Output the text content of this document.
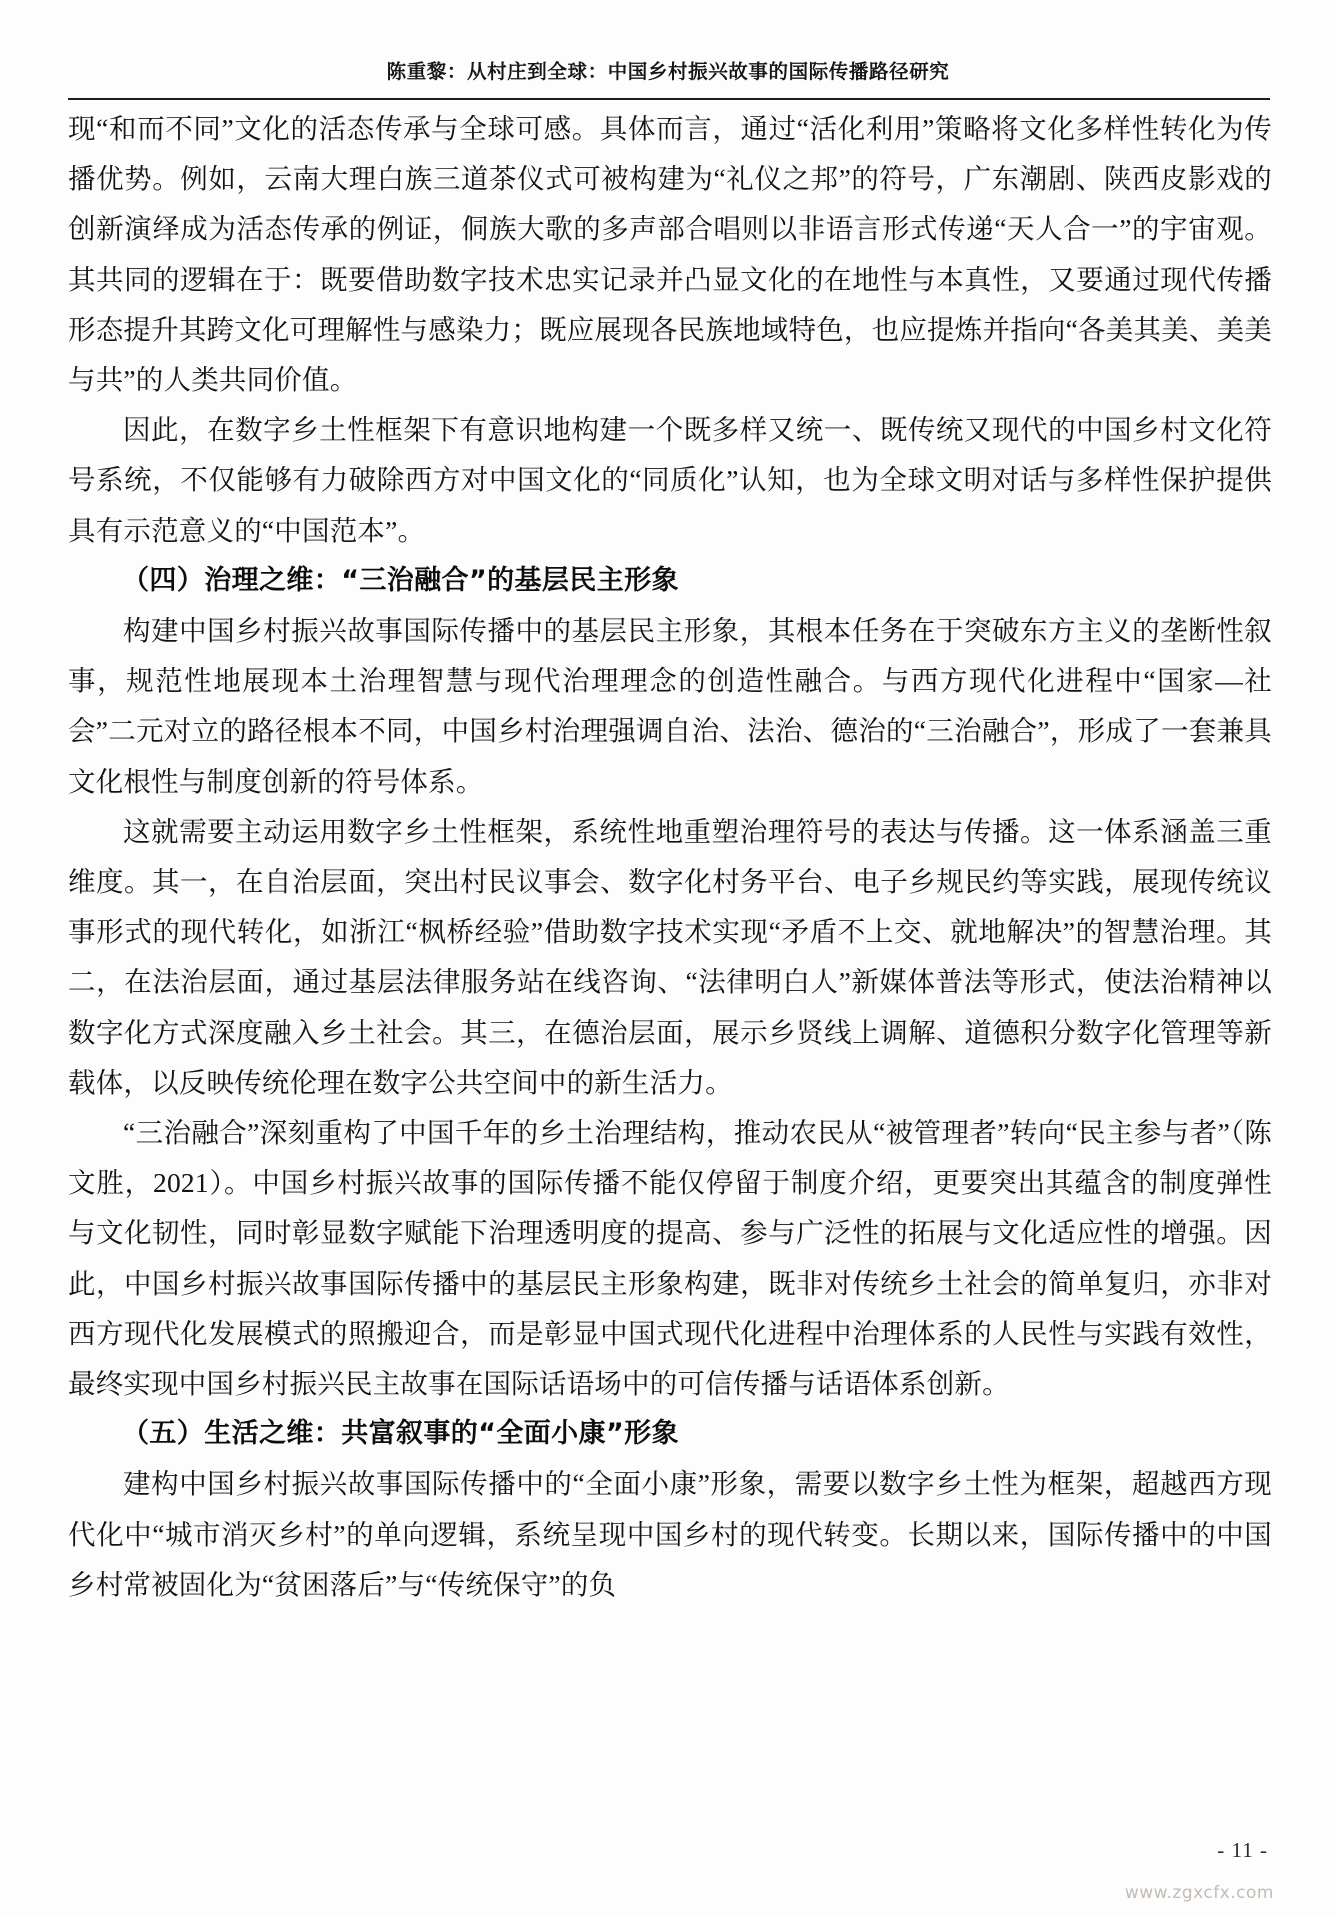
陈重黎：从村庄到全球：中国乡村振兴故事的国际传播路径研究

现“和而不同”文化的活态传承与全球可感。具体而言，通过“活化利用”策略将文化多样性转化为传播优势。例如，云南大理白族三道茶仪式可被构建为“礼仪之邦”的符号，广东潮剧、陕西皮影戏的创新演绎成为活态传承的例证，侗族大歌的多声部合唱则以非语言形式传递“天人合一”的宇宙观。其共同的逻辑在于：既要借助数字技术忠实记录并凸显文化的在地性与本真性，又要通过现代传播形态提升其跨文化可理解性与感染力；既应展现各民族地域特色，也应提炼并指向“各美其美、美美与共”的人类共同价值。

因此，在数字乡土性框架下有意识地构建一个既多样又统一、既传统又现代的中国乡村文化符号系统，不仅能够有力破除西方对中国文化的“同质化”认知，也为全球文明对话与多样性保护提供具有示范意义的“中国范本”。

（四）治理之维：“三治融合”的基层民主形象

构建中国乡村振兴故事国际传播中的基层民主形象，其根本任务在于突破东方主义的垄断性叙事，规范性地展现本土治理智慧与现代治理理念的创造性融合。与西方现代化进程中“国家—社会”二元对立的路径根本不同，中国乡村治理强调自治、法治、德治的“三治融合”，形成了一套兼具文化根性与制度创新的符号体系。

这就需要主动运用数字乡土性框架，系统性地重塑治理符号的表达与传播。这一体系涵盖三重维度。其一，在自治层面，突出村民议事会、数字化村务平台、电子乡规民约等实践，展现传统议事形式的现代转化，如浙江“枫桥经验”借助数字技术实现“矛盾不上交、就地解决”的智慧治理。其二，在法治层面，通过基层法律服务站在线咨询、“法律明白人”新媒体普法等形式，使法治精神以数字化方式深度融入乡土社会。其三，在德治层面，展示乡贤线上调解、道德积分数字化管理等新载体，以反映传统伦理在数字公共空间中的新生活力。

“三治融合”深刻重构了中国千年的乡土治理结构，推动农民从“被管理者”转向“民主参与者”（陈文胜，2021）。中国乡村振兴故事的国际传播不能仅停留于制度介绍，更要突出其蕴含的制度弹性与文化韧性，同时彰显数字赋能下治理透明度的提高、参与广泛性的拓展与文化适应性的增强。因此，中国乡村振兴故事国际传播中的基层民主形象构建，既非对传统乡土社会的简单复归，亦非对西方现代化发展模式的照搬迎合，而是彰显中国式现代化进程中治理体系的人民性与实践有效性，最终实现中国乡村振兴民主故事在国际话语场中的可信传播与话语体系创新。

（五）生活之维：共富叙事的“全面小康”形象

建构中国乡村振兴故事国际传播中的“全面小康”形象，需要以数字乡土性为框架，超越西方现代化中“城市消灭乡村”的单向逻辑，系统呈现中国乡村的现代转变。长期以来，国际传播中的中国乡村常被固化为“贫困落后”与“传统保守”的负

- 11 -
www.zgxcfx.com
